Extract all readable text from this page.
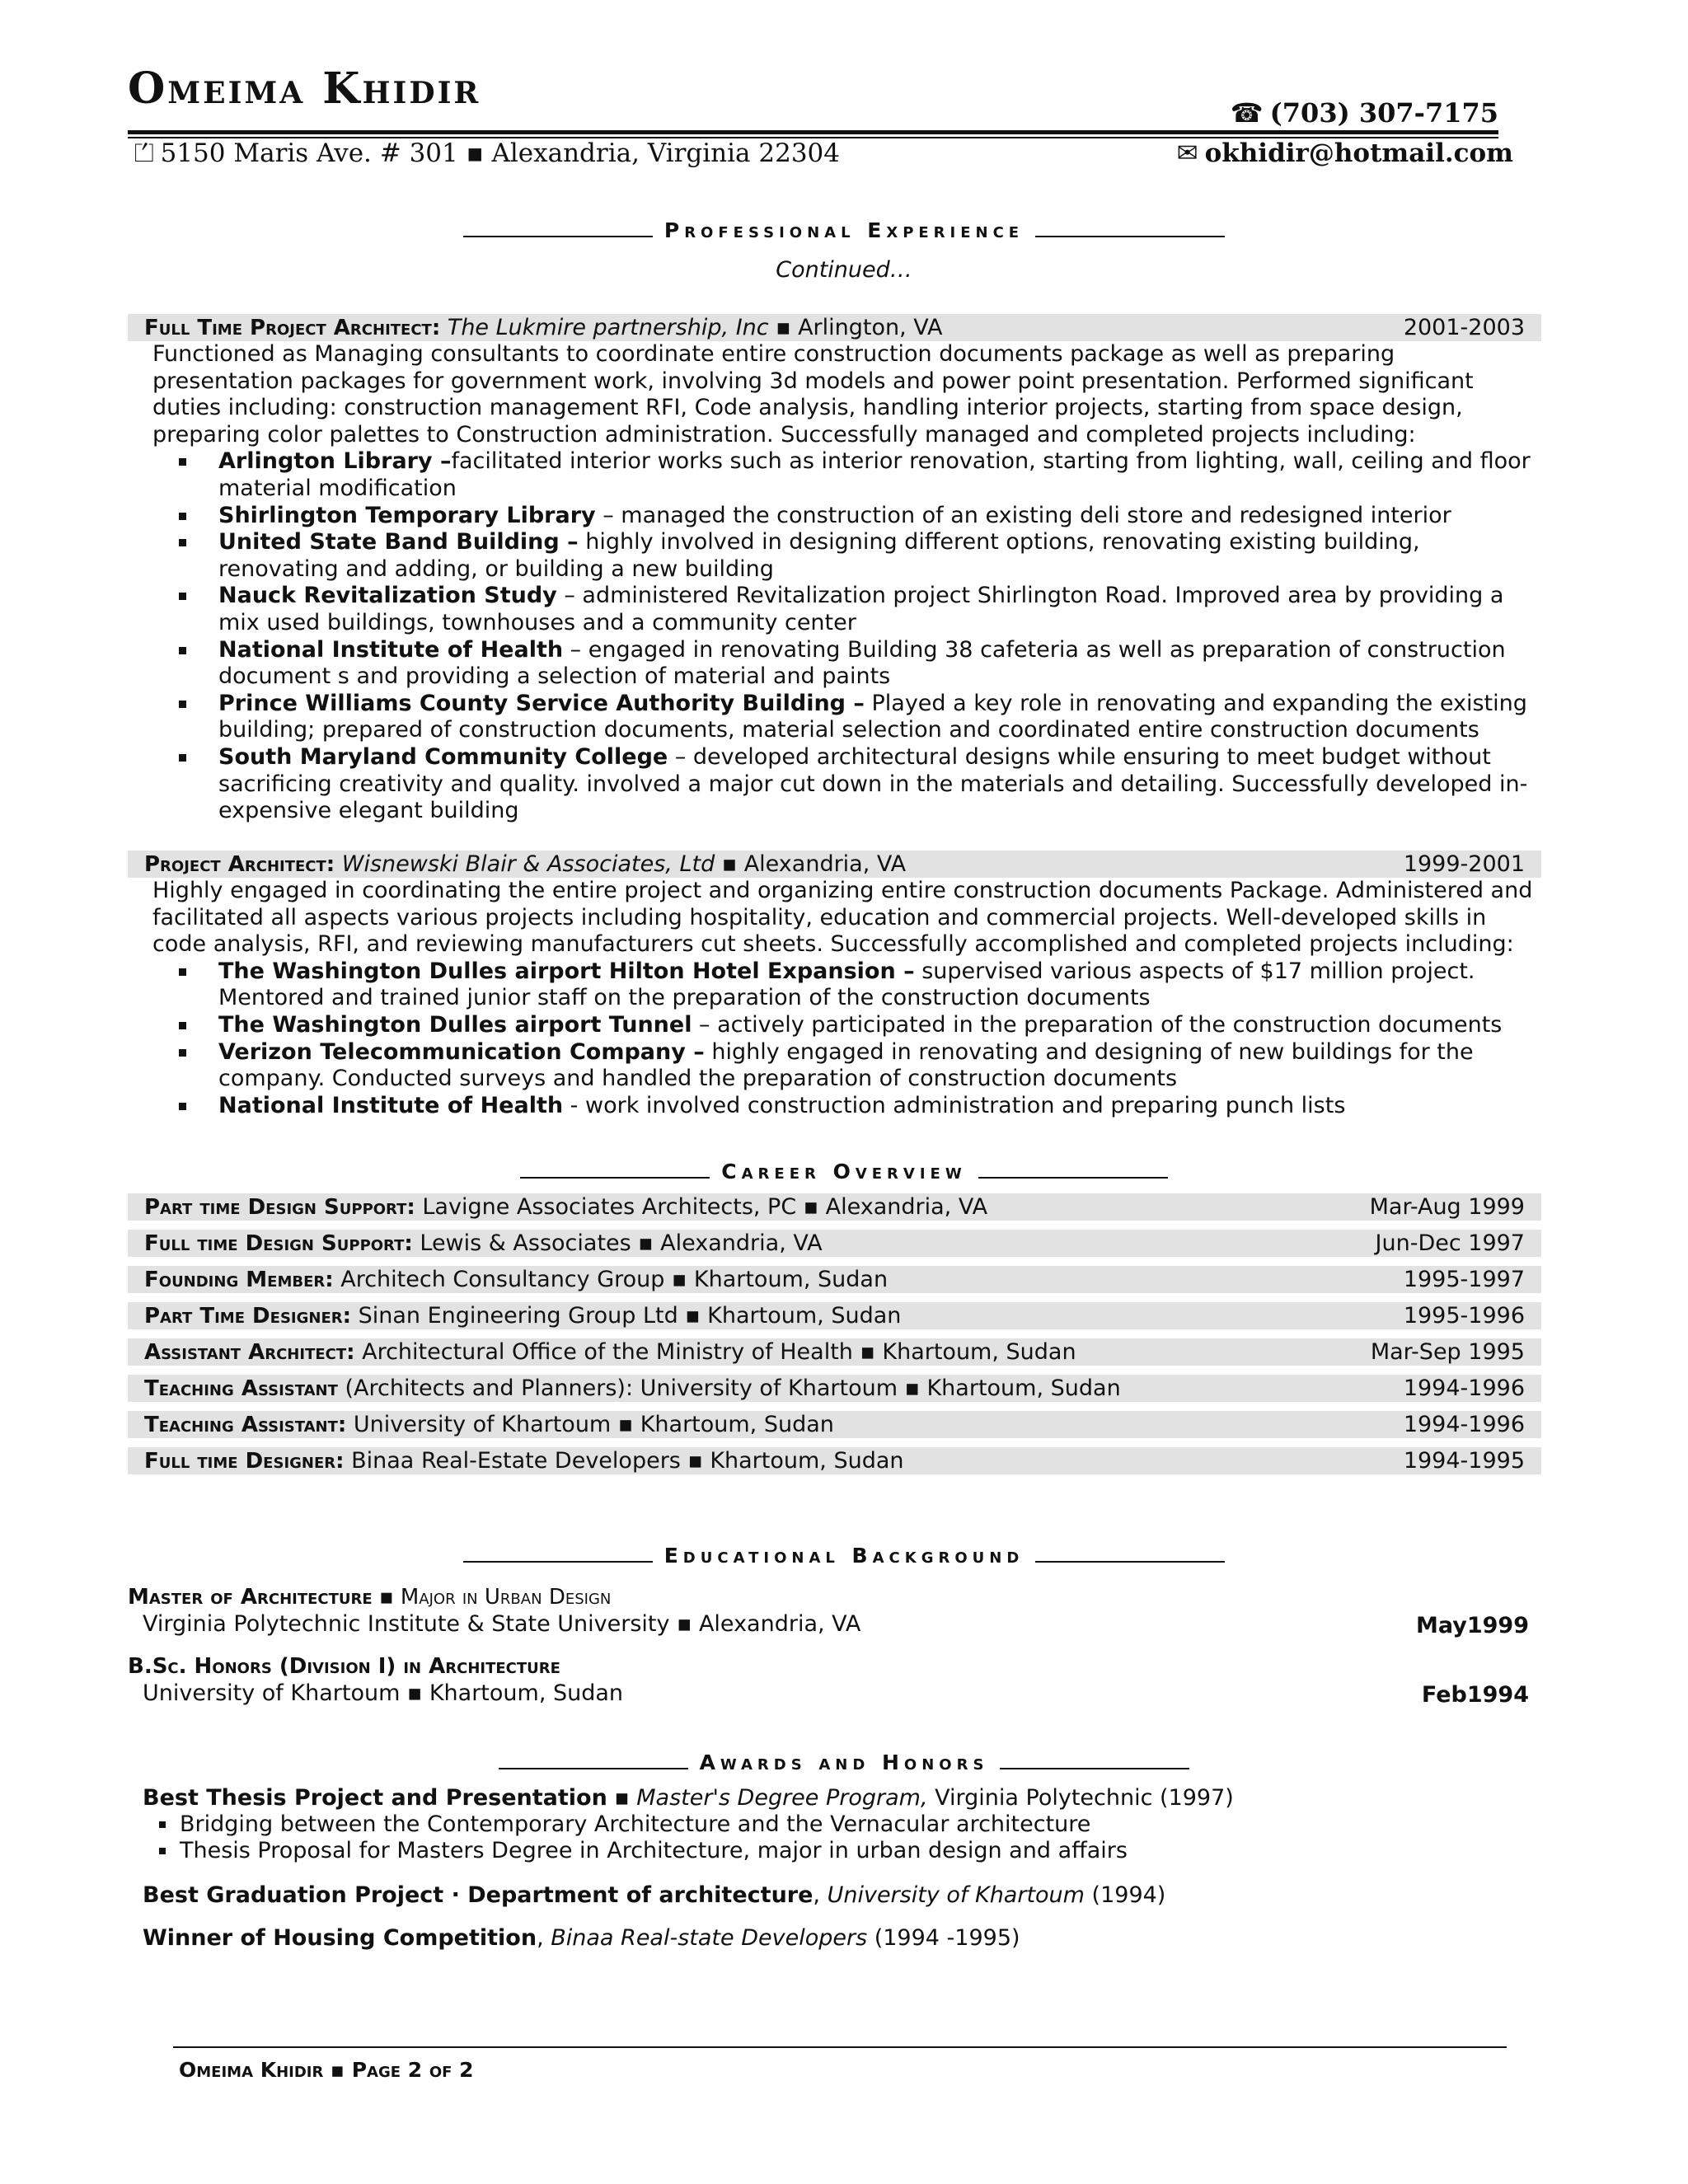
Omeima Khidir	☎ (703) 307-7175
⏍ 5150 Maris Ave. # 301 ▪ Alexandria, Virginia 22304	✉ okhidir@hotmail.com
Professional Experience
Continued…
Full Time Project Architect: The Lukmire partnership, Inc ▪ Arlington, VA	2001-2003
Functioned as Managing consultants to coordinate entire construction documents package as well as preparing presentation packages for government work, involving 3d models and power point presentation. Performed significant duties including: construction management RFI, Code analysis, handling interior projects, starting from space design, preparing color palettes to Construction administration. Successfully managed and completed projects including:
Arlington Library –facilitated interior works such as interior renovation, starting from lighting, wall, ceiling and floor material modification
Shirlington Temporary Library – managed the construction of an existing deli store and redesigned interior
United State Band Building – highly involved in designing different options, renovating existing building, renovating and adding, or building a new building
Nauck Revitalization Study – administered Revitalization project Shirlington Road. Improved area by providing a mix used buildings, townhouses and a community center
National Institute of Health – engaged in renovating Building 38 cafeteria as well as preparation of construction document s and providing a selection of material and paints
Prince Williams County Service Authority Building – Played a key role in renovating and expanding the existing building; prepared of construction documents, material selection and coordinated entire construction documents
South Maryland Community College – developed architectural designs while ensuring to meet budget without sacrificing creativity and quality. involved a major cut down in the materials and detailing. Successfully developed in-expensive elegant building
Project Architect: Wisnewski Blair & Associates, Ltd ▪ Alexandria, VA	1999-2001
Highly engaged in coordinating the entire project and organizing entire construction documents Package. Administered and facilitated all aspects various projects including hospitality, education and commercial projects. Well-developed skills in code analysis, RFI, and reviewing manufacturers cut sheets. Successfully accomplished and completed projects including:
The Washington Dulles airport Hilton Hotel Expansion – supervised various aspects of $17 million project. Mentored and trained junior staff on the preparation of the construction documents
The Washington Dulles airport Tunnel – actively participated in the preparation of the construction documents
Verizon Telecommunication Company – highly engaged in renovating and designing of new buildings for the company. Conducted surveys and handled the preparation of construction documents
National Institute of Health - work involved construction administration and preparing punch lists
Career Overview
Part time Design Support: Lavigne Associates Architects, PC ▪ Alexandria, VA	Mar-Aug 1999
Full time Design Support: Lewis & Associates ▪ Alexandria, VA	Jun-Dec 1997
Founding Member: Architech Consultancy Group ▪ Khartoum, Sudan	1995-1997
Part Time Designer: Sinan Engineering Group Ltd ▪ Khartoum, Sudan	1995-1996
Assistant Architect: Architectural Office of the Ministry of Health ▪ Khartoum, Sudan	Mar-Sep 1995
Teaching Assistant (Architects and Planners): University of Khartoum ▪ Khartoum, Sudan	1994-1996
Teaching Assistant: University of Khartoum ▪ Khartoum, Sudan	1994-1996
Full time Designer: Binaa Real-Estate Developers ▪ Khartoum, Sudan	1994-1995
Educational Background
Master of Architecture ▪ Major in Urban Design
Virginia Polytechnic Institute & State University ▪ Alexandria, VA	May1999
B.Sc. Honors (Division I) in Architecture
University of Khartoum ▪ Khartoum, Sudan	Feb1994
Awards and Honors
Best Thesis Project and Presentation ▪ Master's Degree Program, Virginia Polytechnic (1997)
Bridging between the Contemporary Architecture and the Vernacular architecture
Thesis Proposal for Masters Degree in Architecture, major in urban design and affairs
Best Graduation Project · Department of architecture, University of Khartoum (1994)
Winner of Housing Competition, Binaa Real-state Developers (1994 -1995)
Omeima Khidir ▪ Page 2 of 2
